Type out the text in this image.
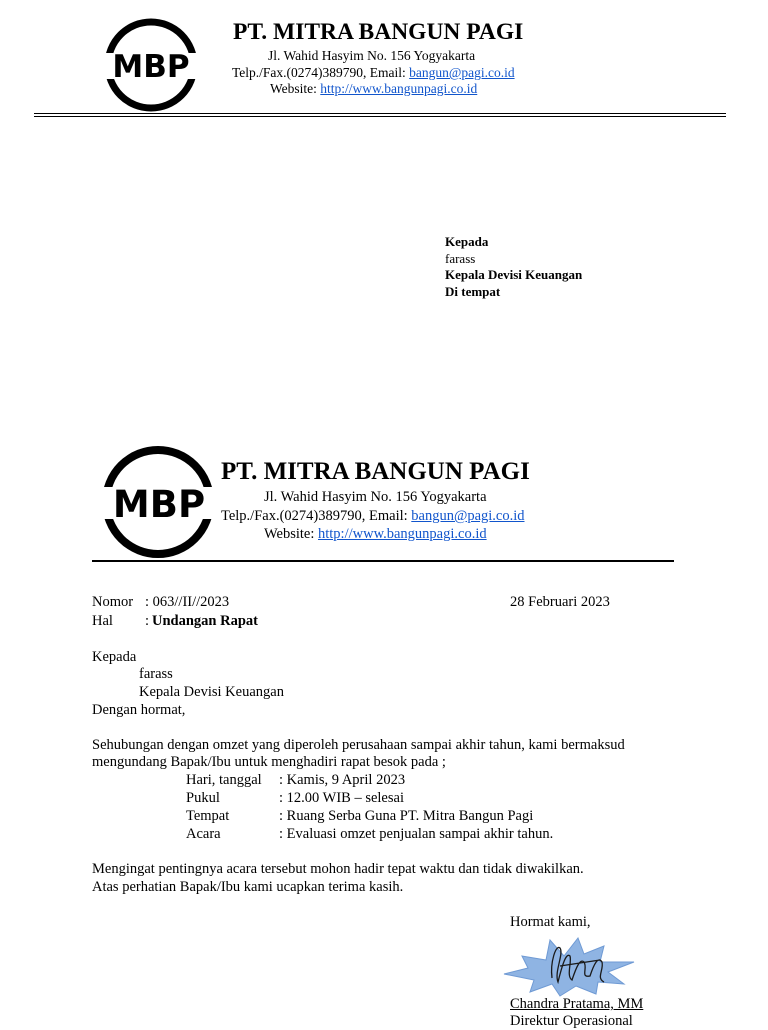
MBP
PT. MITRA BANGUN PAGI
Jl. Wahid Hasyim No. 156 Yogyakarta
Telp./Fax.(0274)389790, Email: bangun@pagi.co.id
Website: http://www.bangunpagi.co.id
Kepada
farass
Kepala Devisi Keuangan
Di tempat
MBP
PT. MITRA BANGUN PAGI
Jl. Wahid Hasyim No. 156 Yogyakarta
Telp./Fax.(0274)389790, Email: bangun@pagi.co.id
Website: http://www.bangunpagi.co.id
Nomor : 063//II//2023	28 Februari 2023
Hal : Undangan Rapat
Kepada
farass
Kepala Devisi Keuangan
Dengan hormat,
Sehubungan dengan omzet yang diperoleh perusahaan sampai akhir tahun, kami bermaksud
mengundang Bapak/Ibu untuk menghadiri rapat besok pada ;
Hari, tanggal : Kamis, 9 April 2023
Pukul	: 12.00 WIB – selesai
Tempat	: Ruang Serba Guna PT. Mitra Bangun Pagi
Acara	: Evaluasi omzet penjualan sampai akhir tahun.
Mengingat pentingnya acara tersebut mohon hadir tepat waktu dan tidak diwakilkan.
Atas perhatian Bapak/Ibu kami ucapkan terima kasih.
Hormat kami,
Chandra Pratama, MM
Direktur Operasional
